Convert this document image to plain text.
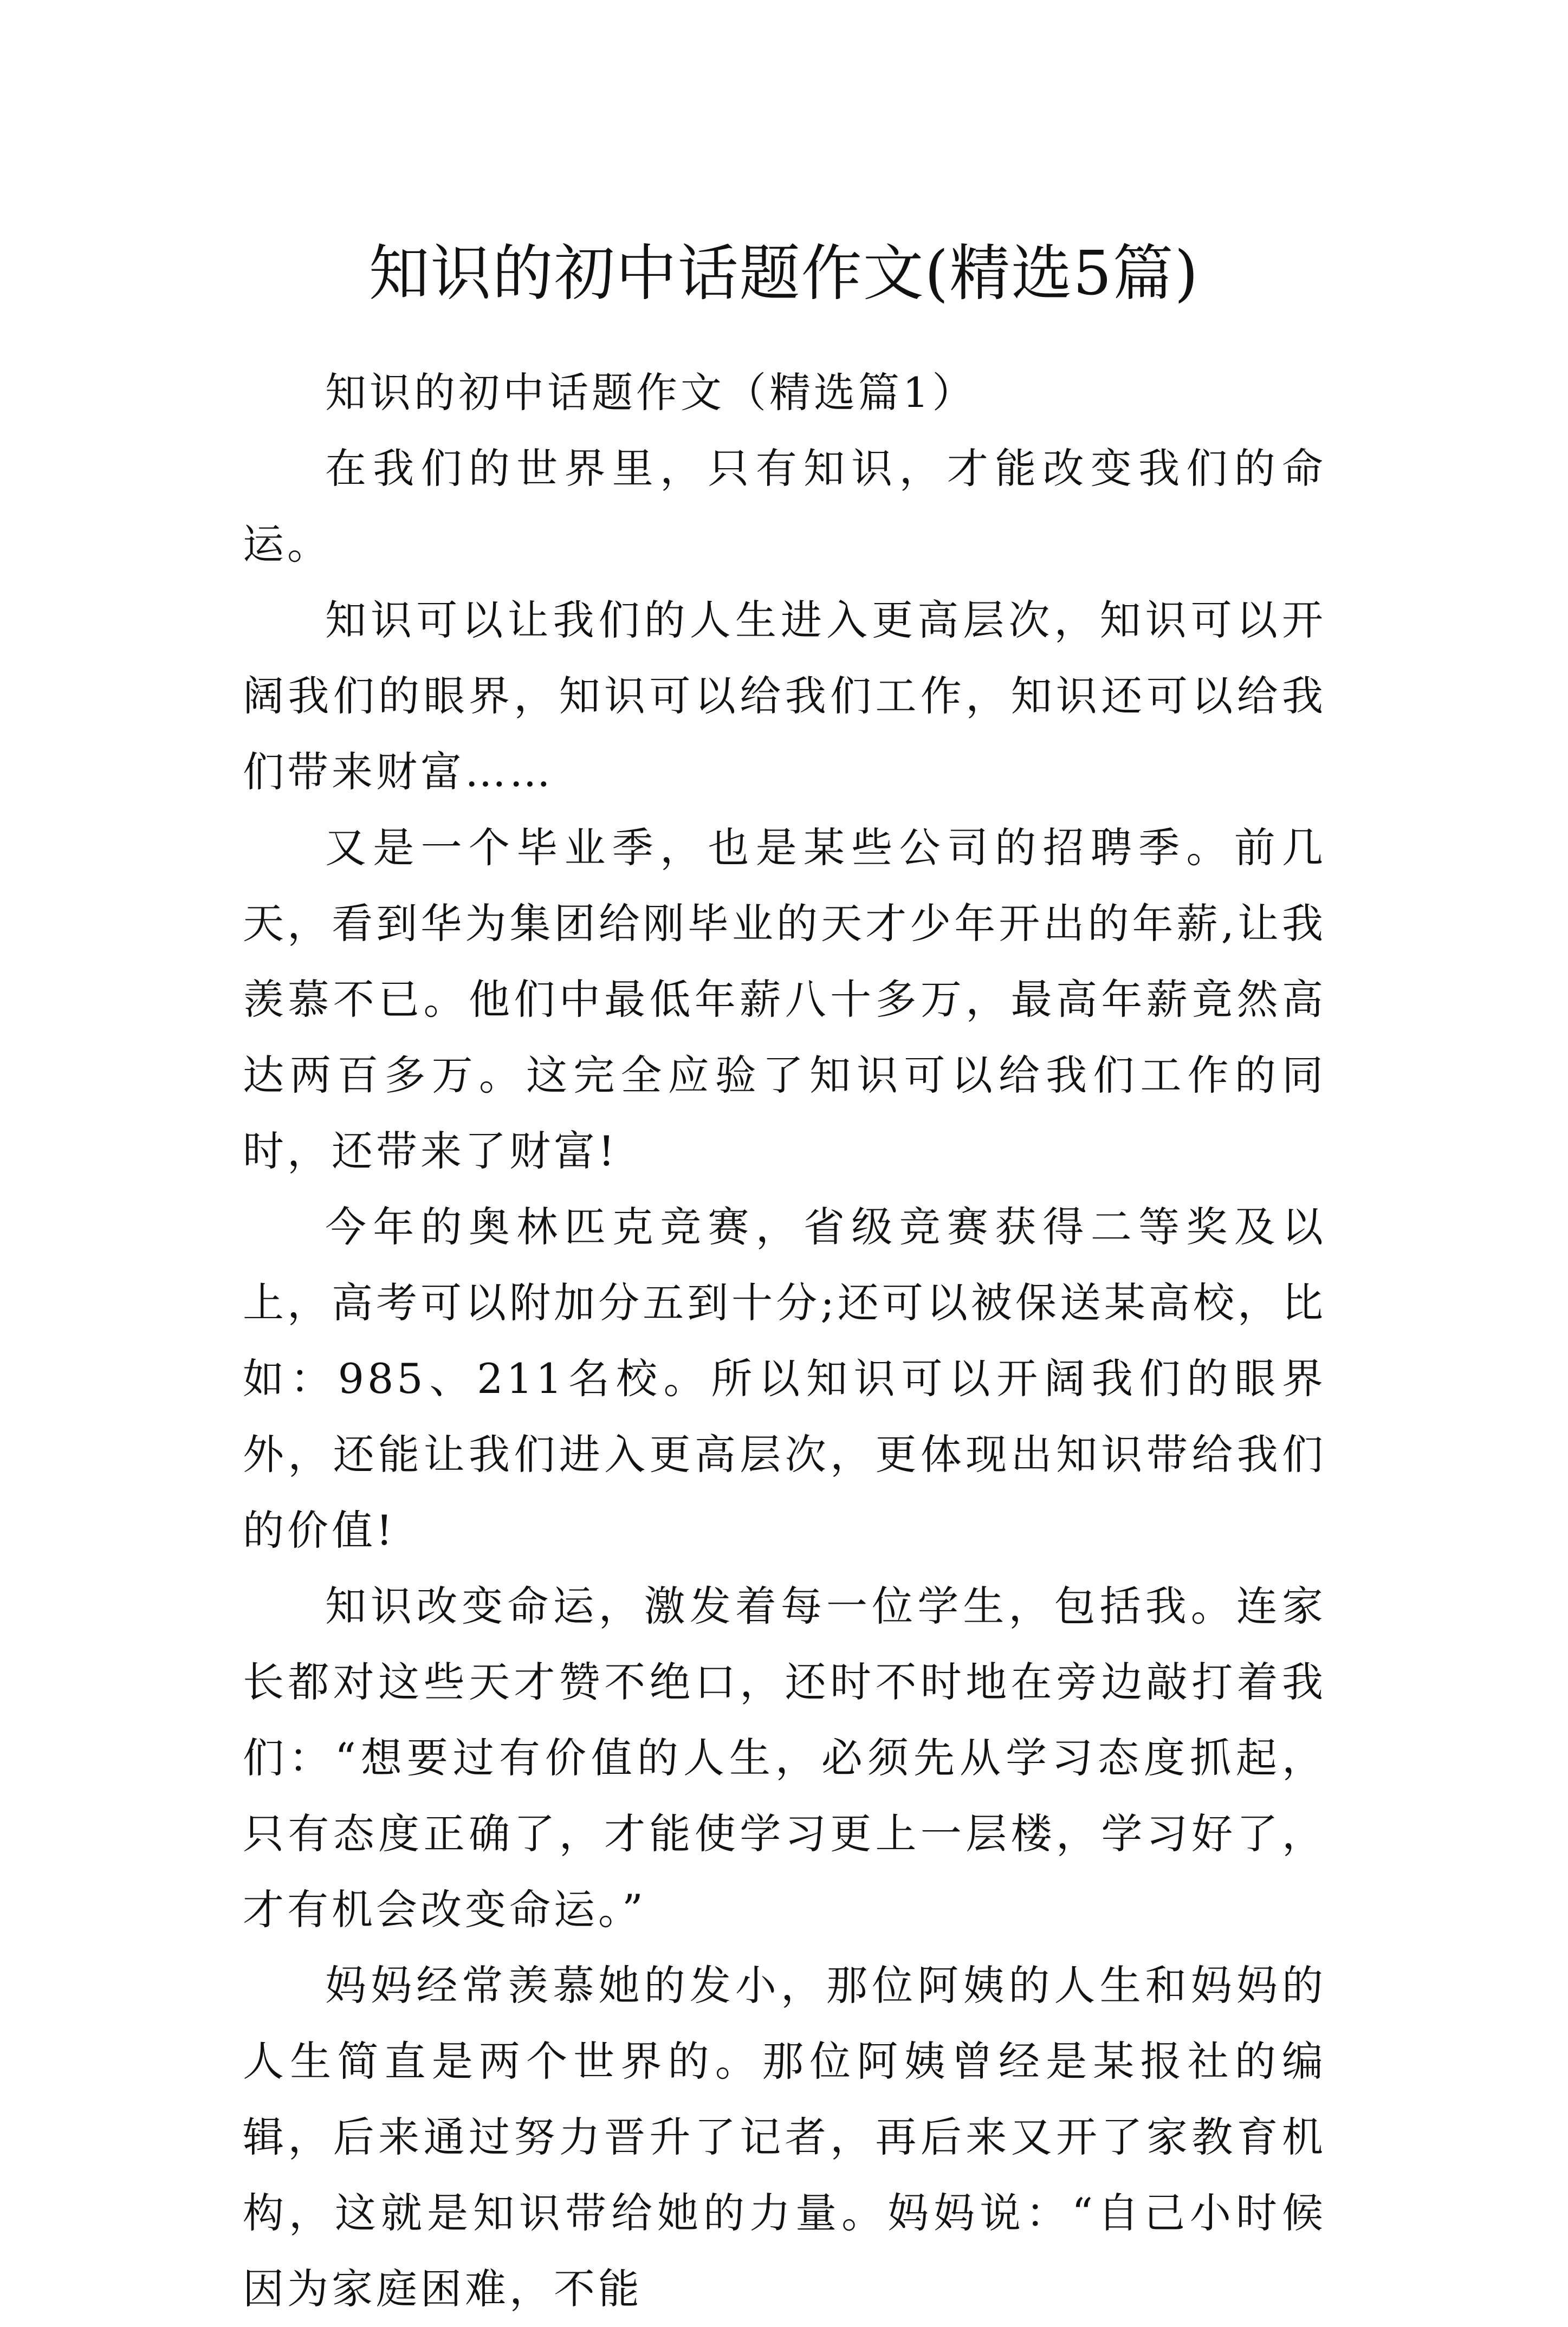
知识的初中话题作文(精选5篇)

知识的初中话题作文（精选篇1）

在我们的世界里，只有知识，才能改变我们的命运。

知识可以让我们的人生进入更高层次，知识可以开阔我们的眼界，知识可以给我们工作，知识还可以给我们带来财富……

又是一个毕业季，也是某些公司的招聘季。前几天，看到华为集团给刚毕业的天才少年开出的年薪,让我羡慕不已。他们中最低年薪八十多万，最高年薪竟然高达两百多万。这完全应验了知识可以给我们工作的同时，还带来了财富!

今年的奥林匹克竞赛，省级竞赛获得二等奖及以上，高考可以附加分五到十分;还可以被保送某高校，比如：985、211名校。所以知识可以开阔我们的眼界外，还能让我们进入更高层次，更体现出知识带给我们的价值!

知识改变命运，激发着每一位学生，包括我。连家长都对这些天才赞不绝口，还时不时地在旁边敲打着我们：“想要过有价值的人生，必须先从学习态度抓起，只有态度正确了，才能使学习更上一层楼，学习好了，才有机会改变命运。”

妈妈经常羡慕她的发小，那位阿姨的人生和妈妈的人生简直是两个世界的。那位阿姨曾经是某报社的编辑，后来通过努力晋升了记者，再后来又开了家教育机构，这就是知识带给她的力量。妈妈说：“自己小时候因为家庭困难，不能
